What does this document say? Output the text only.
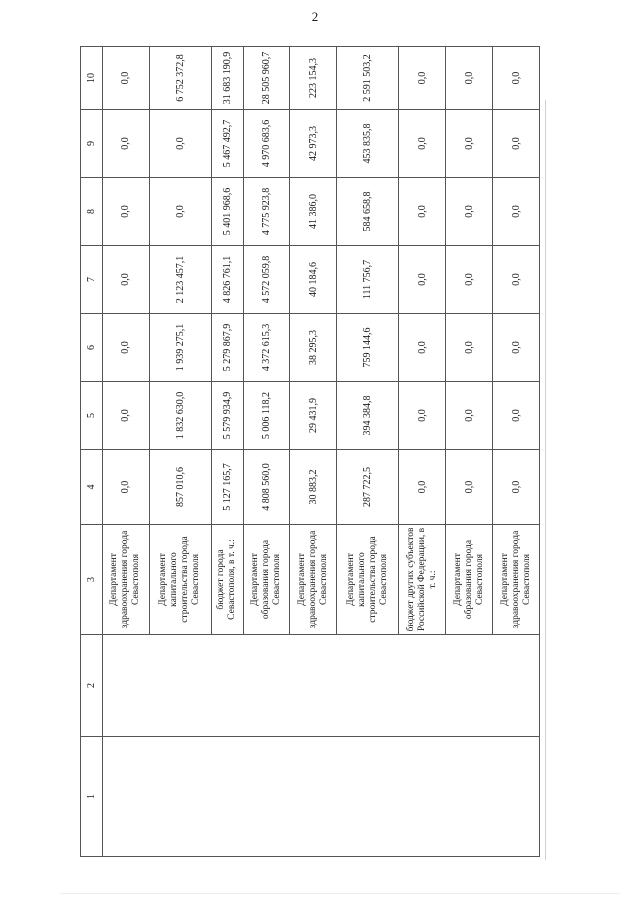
2
1	2	3	4	5	6	7	8	9	10
		Департамент здравоохранения города Севастополя	0,0	0,0	0,0	0,0	0,0	0,0	0,0
		Департамент капитального строительства города Севастополя	857 010,6	1 832 630,0	1 939 275,1	2 123 457,1	0,0	0,0	6 752 372,8
		бюджет города Севастополя, в т. ч.:	5 127 165,7	5 579 934,9	5 279 867,9	4 826 761,1	5 401 968,6	5 467 492,7	31 683 190,9
		Департамент образования города Севастополя	4 808 560,0	5 006 118,2	4 372 615,3	4 572 059,8	4 775 923,8	4 970 683,6	28 505 960,7
		Департамент здравоохранения города Севастополя	30 883,2	29 431,9	38 295,3	40 184,6	41 386,0	42 973,3	223 154,3
		Департамент капитального строительства города Севастополя	287 722,5	394 384,8	759 144,6	111 756,7	584 658,8	453 835,8	2 591 503,2
		бюджет других субъектов Российской Федерации, в т. ч.:	0,0	0,0	0,0	0,0	0,0	0,0	0,0
		Департамент образования города Севастополя	0,0	0,0	0,0	0,0	0,0	0,0	0,0
		Департамент здравоохранения города Севастополя	0,0	0,0	0,0	0,0	0,0	0,0	0,0
